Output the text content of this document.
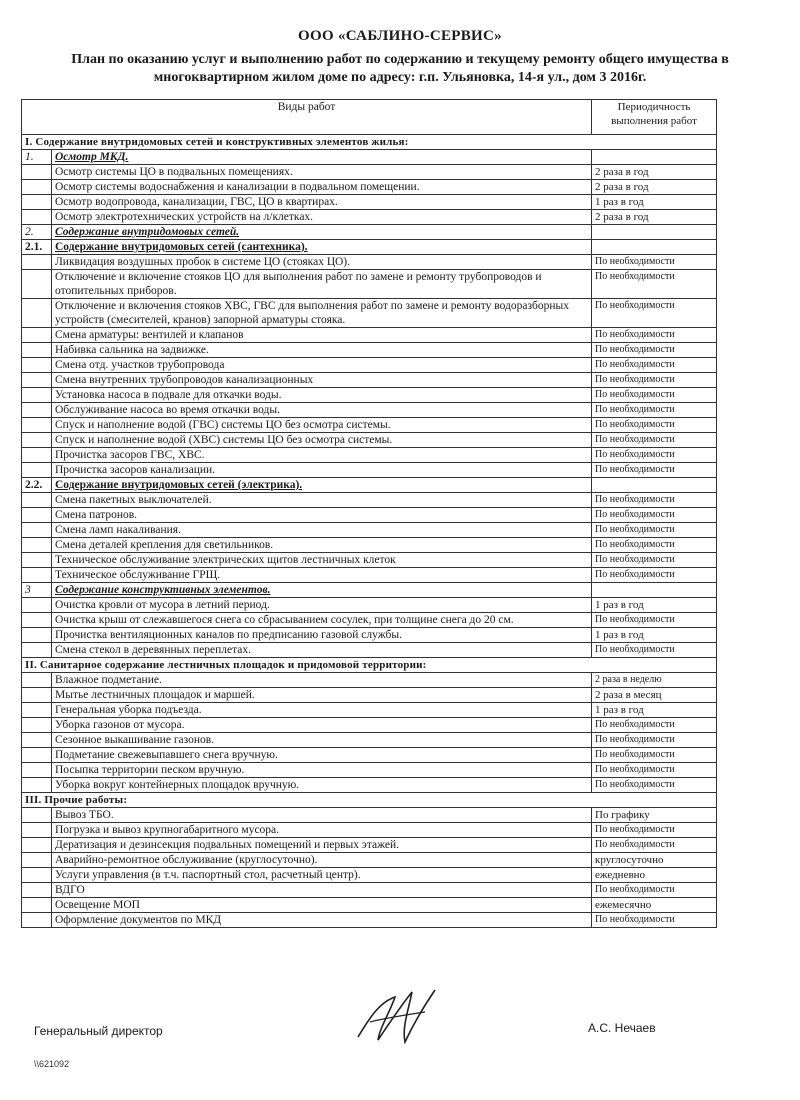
ООО «САБЛИНО-СЕРВИС»
План по оказанию услуг и выполнению работ по содержанию и текущему ремонту общего имущества в многоквартирном жилом доме по адресу: г.п. Ульяновка, 14-я ул., дом 3 2016г.
Виды работ		Периодичность выполнения работ
I. Содержание внутридомовых сетей и конструктивных элементов жилья:		
1.	Осмотр МКД.	
	Осмотр системы ЦО в подвальных помещениях.	2 раза в год
	Осмотр системы водоснабжения и канализации в подвальном помещении.	2 раза в год
	Осмотр водопровода, канализации, ГВС, ЦО в квартирах.	1 раз в год
	Осмотр электротехнических устройств на л/клетках.	2 раза в год
2.	Содержание внутридомовых сетей.	
2.1.	Содержание внутридомовых сетей (сантехника).	
	Ликвидация воздушных пробок в системе ЦО (стояках ЦО).	По необходимости
	Отключение и включение стояков ЦО для выполнения работ по замене и ремонту трубопроводов и отопительных приборов.	По необходимости
	Отключение и включения стояков ХВС, ГВС для выполнения работ по замене и ремонту водоразборных устройств (смесителей, кранов) запорной арматуры стояка.	По необходимости
	Смена арматуры: вентилей и клапанов	По необходимости
	Набивка сальника на задвижке.	По необходимости
	Смена отд. участков трубопровода	По необходимости
	Смена внутренних трубопроводов канализационных	По необходимости
	Установка насоса в подвале для откачки воды.	По необходимости
	Обслуживание насоса во время откачки воды.	По необходимости
	Спуск и наполнение водой (ГВС) системы ЦО без осмотра системы.	По необходимости
	Спуск и наполнение водой (ХВС) системы ЦО без осмотра системы.	По необходимости
	Прочистка засоров ГВС, ХВС.	По необходимости
	Прочистка засоров канализации.	По необходимости
2.2.	Содержание внутридомовых сетей (электрика).	
	Смена пакетных выключателей.	По необходимости
	Смена патронов.	По необходимости
	Смена ламп накаливания.	По необходимости
	Смена деталей крепления для светильников.	По необходимости
	Техническое обслуживание электрических щитов лестничных клеток	По необходимости
	Техническое обслуживание ГРЩ.	По необходимости
3	Содержание конструктивных элементов.	
	Очистка кровли от мусора в летний период.	1 раз в год
	Очистка крыш от слежавшегося снега со сбрасыванием сосулек, при толщине снега до 20 см.	По необходимости
	Прочистка вентиляционных каналов по предписанию газовой службы.	1 раз в год
	Смена стекол в деревянных переплетах.	По необходимости
II. Санитарное содержание лестничных площадок и придомовой территории:		
	Влажное подметание.	2 раза в неделю
	Мытье лестничных площадок и маршей.	2 раза в месяц
	Генеральная уборка подъезда.	1 раз в год
	Уборка газонов от мусора.	По необходимости
	Сезонное выкашивание газонов.	По необходимости
	Подметание свежевыпавшего снега вручную.	По необходимости
	Посыпка территории песком вручную.	По необходимости
	Уборка вокруг контейнерных площадок вручную.	По необходимости
III. Прочие работы:		
	Вывоз ТБО.	По графику
	Погрузка и вывоз крупногабаритного мусора.	По необходимости
	Дератизация и дезинсекция подвальных помещений и первых этажей.	По необходимости
	Аварийно-ремонтное обслуживание (круглосуточно).	круглосуточно
	Услуги управления (в т.ч. паспортный стол, расчетный центр).	ежедневно
	ВДГО	По необходимости
	Освещение МОП	ежемесячно
	Оформление документов по МКД	По необходимости
Генеральный директор	А.С. Нечаев
\\621092
